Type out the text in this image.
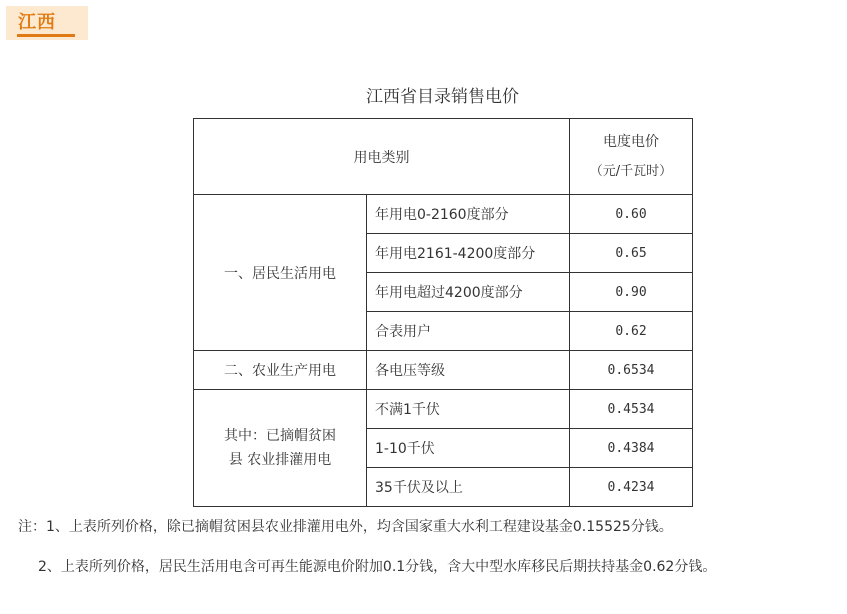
江西
江西省目录销售电价
用电类别		电度电价
（元/千瓦时）

一、居民生活用电	年用电0-2160度部分	0.60
	年用电2161-4200度部分	0.65
	年用电超过4200度部分	0.90
	合表用户	0.62
二、农业生产用电	各电压等级	0.6534

其中：已摘帽贫困
县 农业排灌用电	不满1千伏	0.4534
	1-10千伏	0.4384
	35千伏及以上	0.4234
注：1、上表所列价格，除已摘帽贫困县农业排灌用电外，均含国家重大水利工程建设基金0.15525分钱。
2、上表所列价格，居民生活用电含可再生能源电价附加0.1分钱，含大中型水库移民后期扶持基金0.62分钱。
